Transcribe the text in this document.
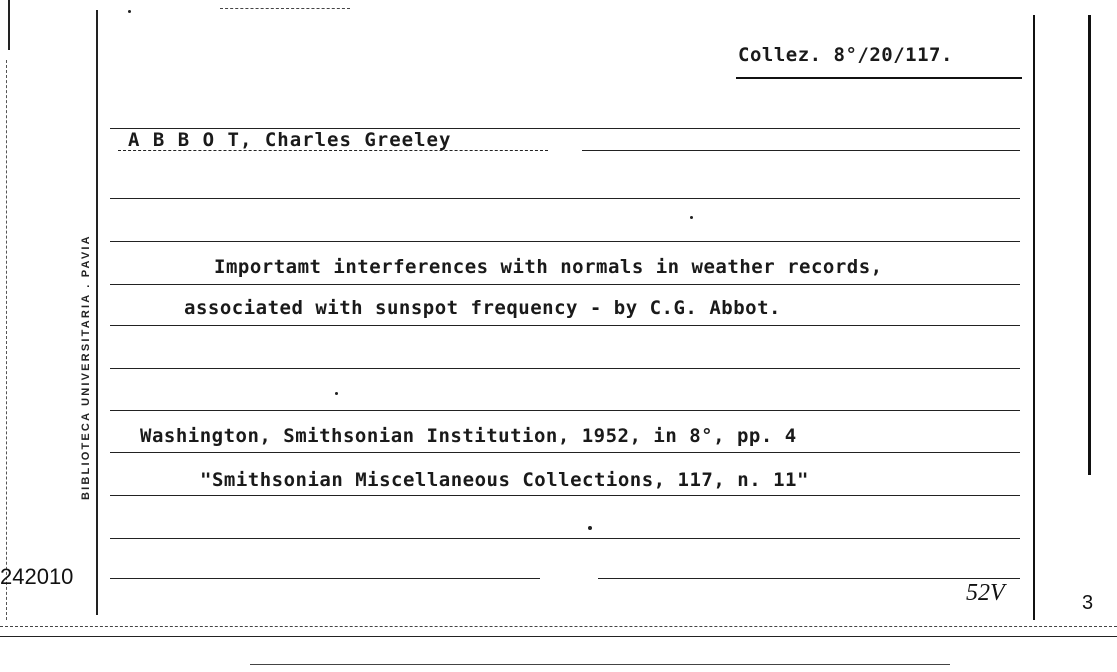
Collez. 8°/20/117.
A B B O T, Charles Greeley
Importamt interferences with normals in weather records,
associated with sunspot frequency - by C.G. Abbot.
Washington, Smithsonian Institution, 1952, in 8°, pp. 4
"Smithsonian Miscellaneous Collections, 117, n. 11"
BIBLIOTECA UNIVERSITARIA . PAVIA
242010
52V	3
